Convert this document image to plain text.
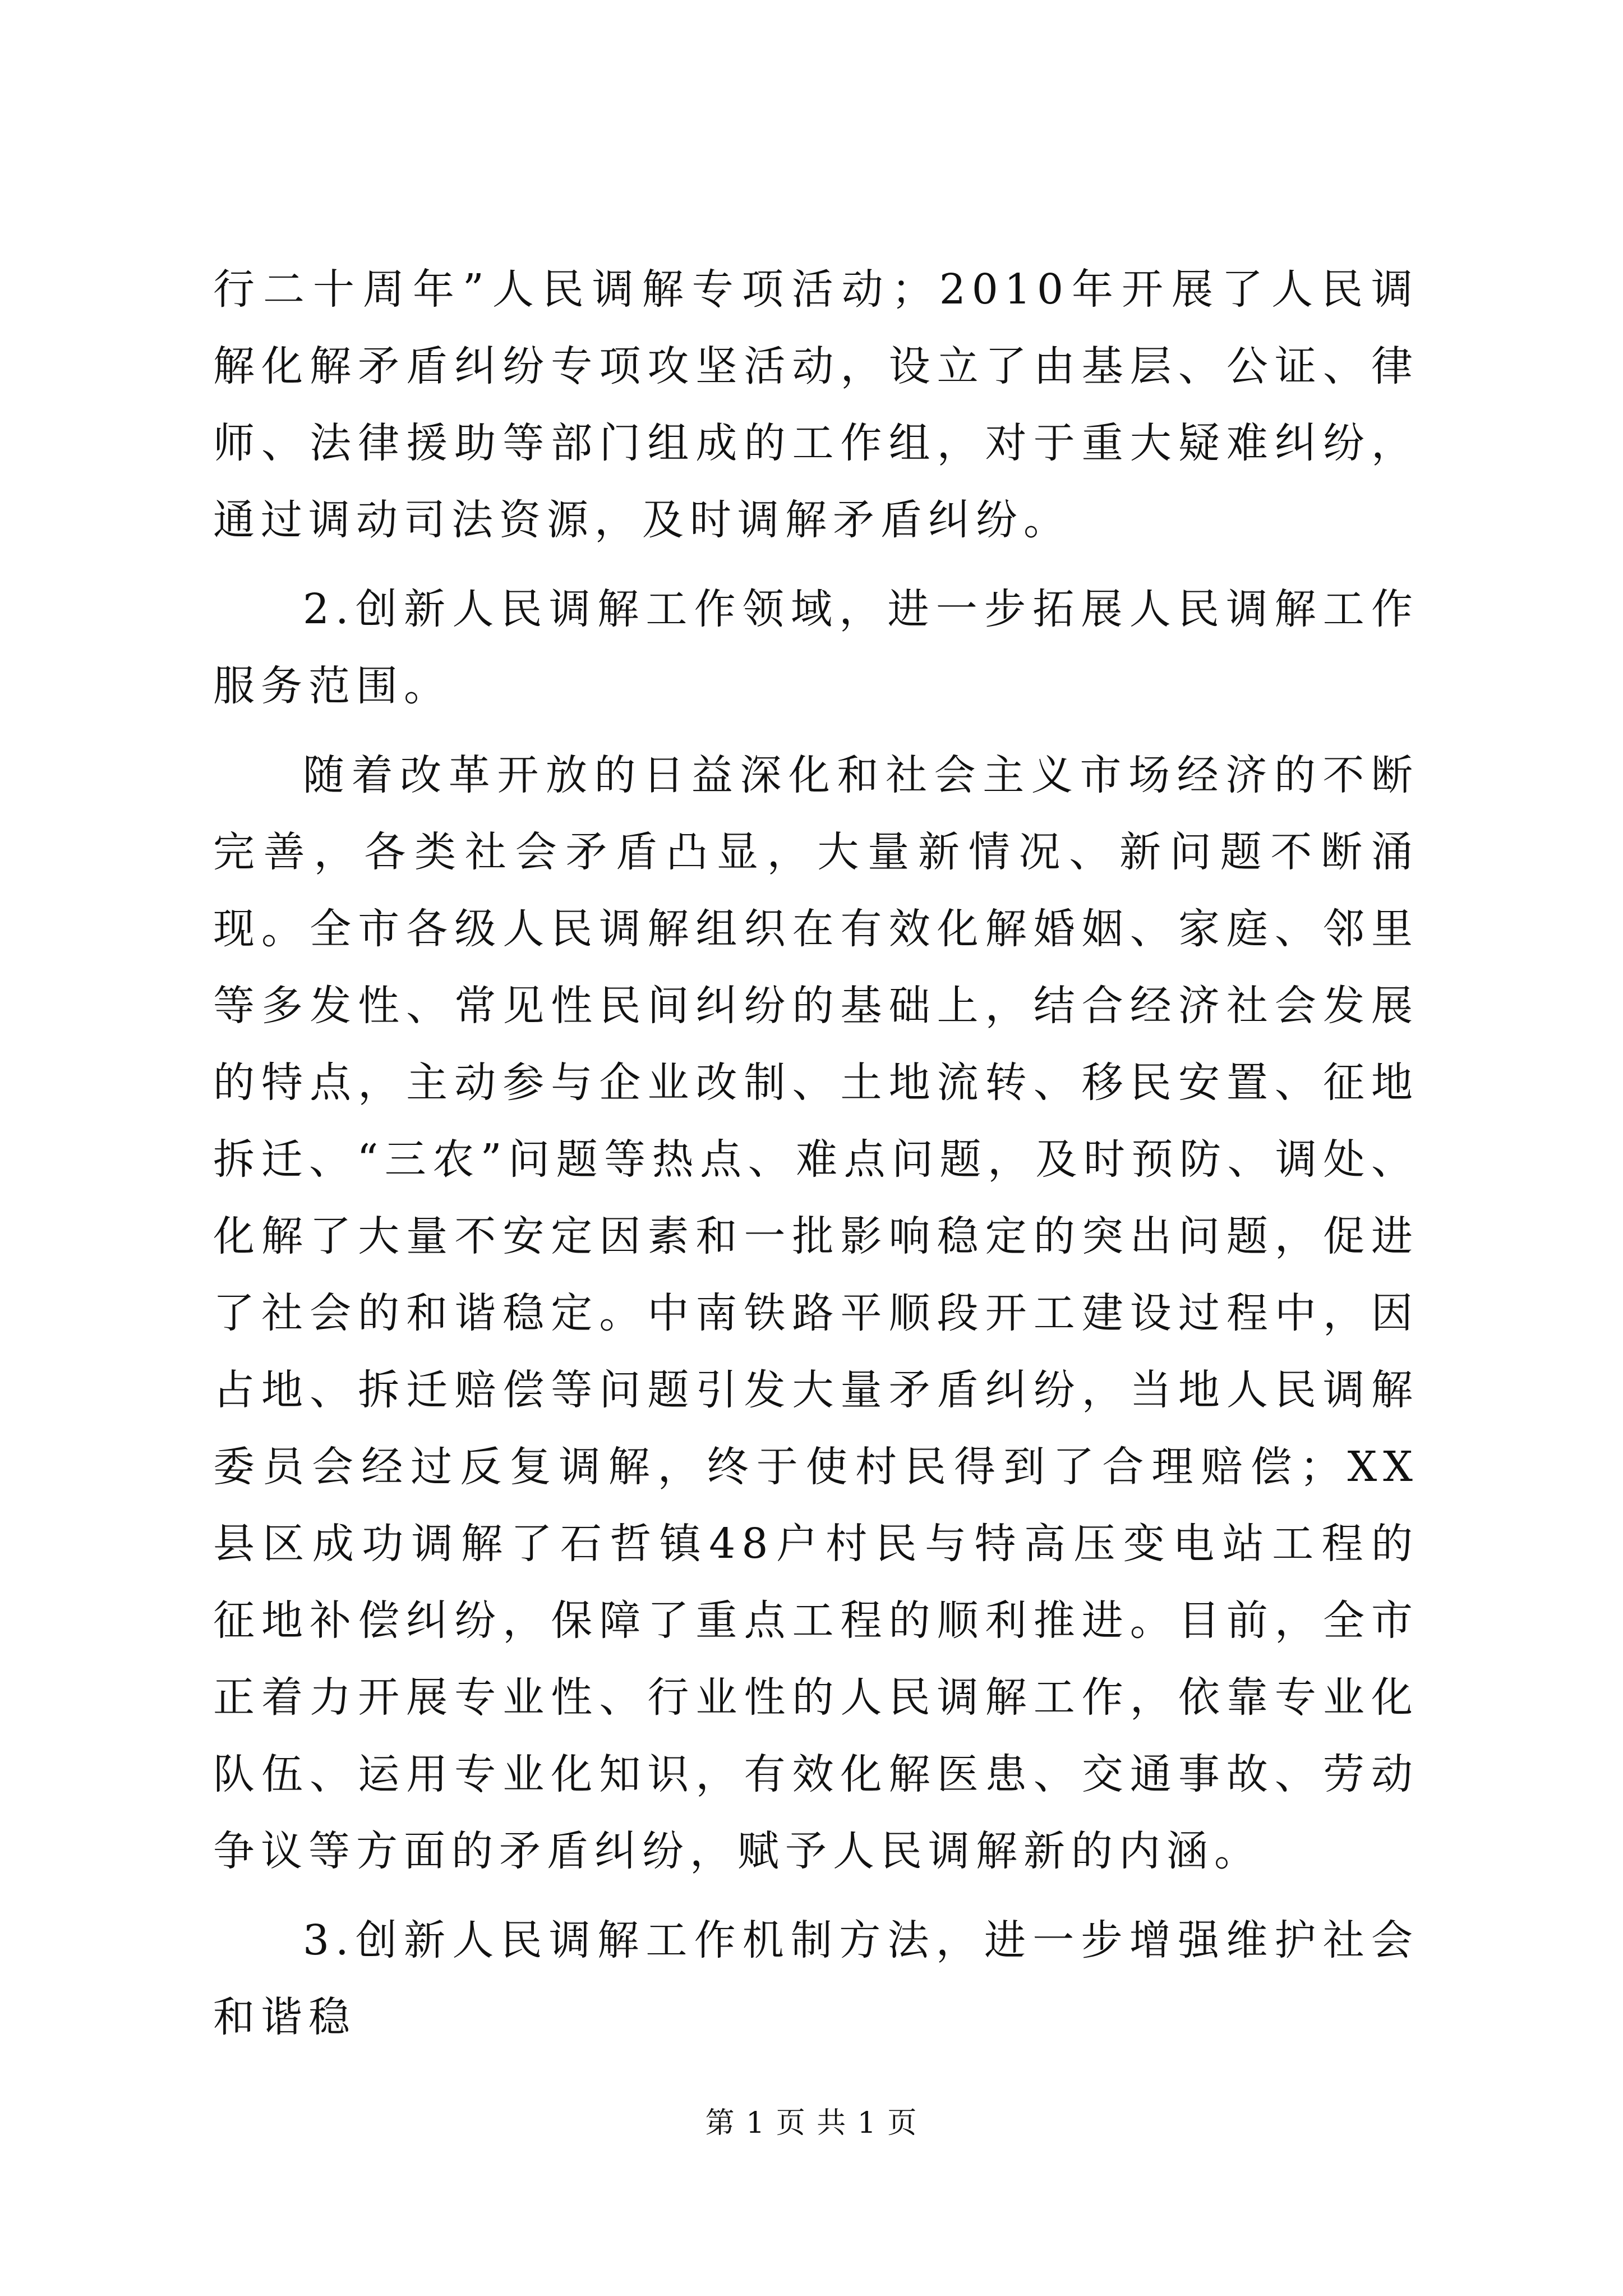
行二十周年”人民调解专项活动；2010年开展了人民调解化解矛盾纠纷专项攻坚活动，设立了由基层、公证、律师、法律援助等部门组成的工作组，对于重大疑难纠纷，通过调动司法资源，及时调解矛盾纠纷。

2.创新人民调解工作领域，进一步拓展人民调解工作服务范围。

随着改革开放的日益深化和社会主义市场经济的不断完善，各类社会矛盾凸显，大量新情况、新问题不断涌现。全市各级人民调解组织在有效化解婚姻、家庭、邻里等多发性、常见性民间纠纷的基础上，结合经济社会发展的特点，主动参与企业改制、土地流转、移民安置、征地拆迁、“三农”问题等热点、难点问题，及时预防、调处、化解了大量不安定因素和一批影响稳定的突出问题，促进了社会的和谐稳定。中南铁路平顺段开工建设过程中，因占地、拆迁赔偿等问题引发大量矛盾纠纷，当地人民调解委员会经过反复调解，终于使村民得到了合理赔偿；XX县区成功调解了石哲镇48户村民与特高压变电站工程的征地补偿纠纷，保障了重点工程的顺利推进。目前，全市正着力开展专业性、行业性的人民调解工作，依靠专业化队伍、运用专业化知识，有效化解医患、交通事故、劳动争议等方面的矛盾纠纷，赋予人民调解新的内涵。

3.创新人民调解工作机制方法，进一步增强维护社会和谐稳

第 1 页 共 1 页
